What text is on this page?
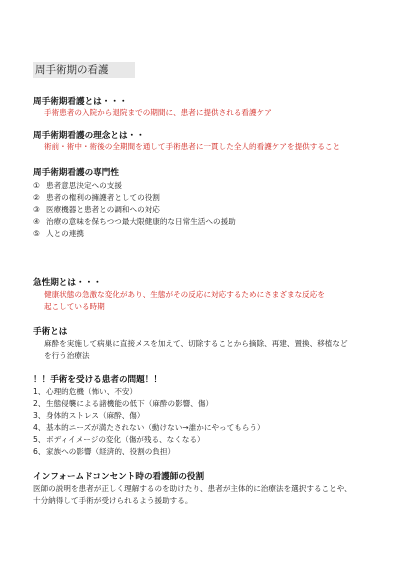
周手術期の看護
周手術期看護とは・・・
手術患者の入院から退院までの期間に、患者に提供される看護ケア
周手術期看護の理念とは・・
術前・術中・術後の全期間を通して手術患者に一貫した全人的看護ケアを提供すること
周手術期看護の専門性
① 患者意思決定への支援
② 患者の権利の擁護者としての役割
③ 医療機器と患者との調和への対応
④ 治療の意味を保ちつつ最大限健康的な日常生活への援助
⑤ 人との連携
急性期とは・・・
健康状態の急激な変化があり、生態がその反応に対応するためにさまざまな反応を
起こしている時期
手術とは
麻酔を実施して病巣に直接メスを加えて、切除することから摘除、再建、置換、移植など
を行う治療法
！！手術を受ける患者の問題！！
1、心理的危機（怖い、不安）
2、生態侵襲による諸機能の低下（麻酔の影響、傷）
3、身体的ストレス（麻酔、傷）
4、基本的ニーズが満たされない（動けない→誰かにやってもらう）
5、ボディイメージの変化（傷が残る、なくなる）
6、家族への影響（経済的、役割の負担）
インフォームドコンセント時の看護師の役割
医師の説明を患者が正しく理解するのを助けたり、患者が主体的に治療法を選択することや、
十分納得して手術が受けられるよう援助する。
